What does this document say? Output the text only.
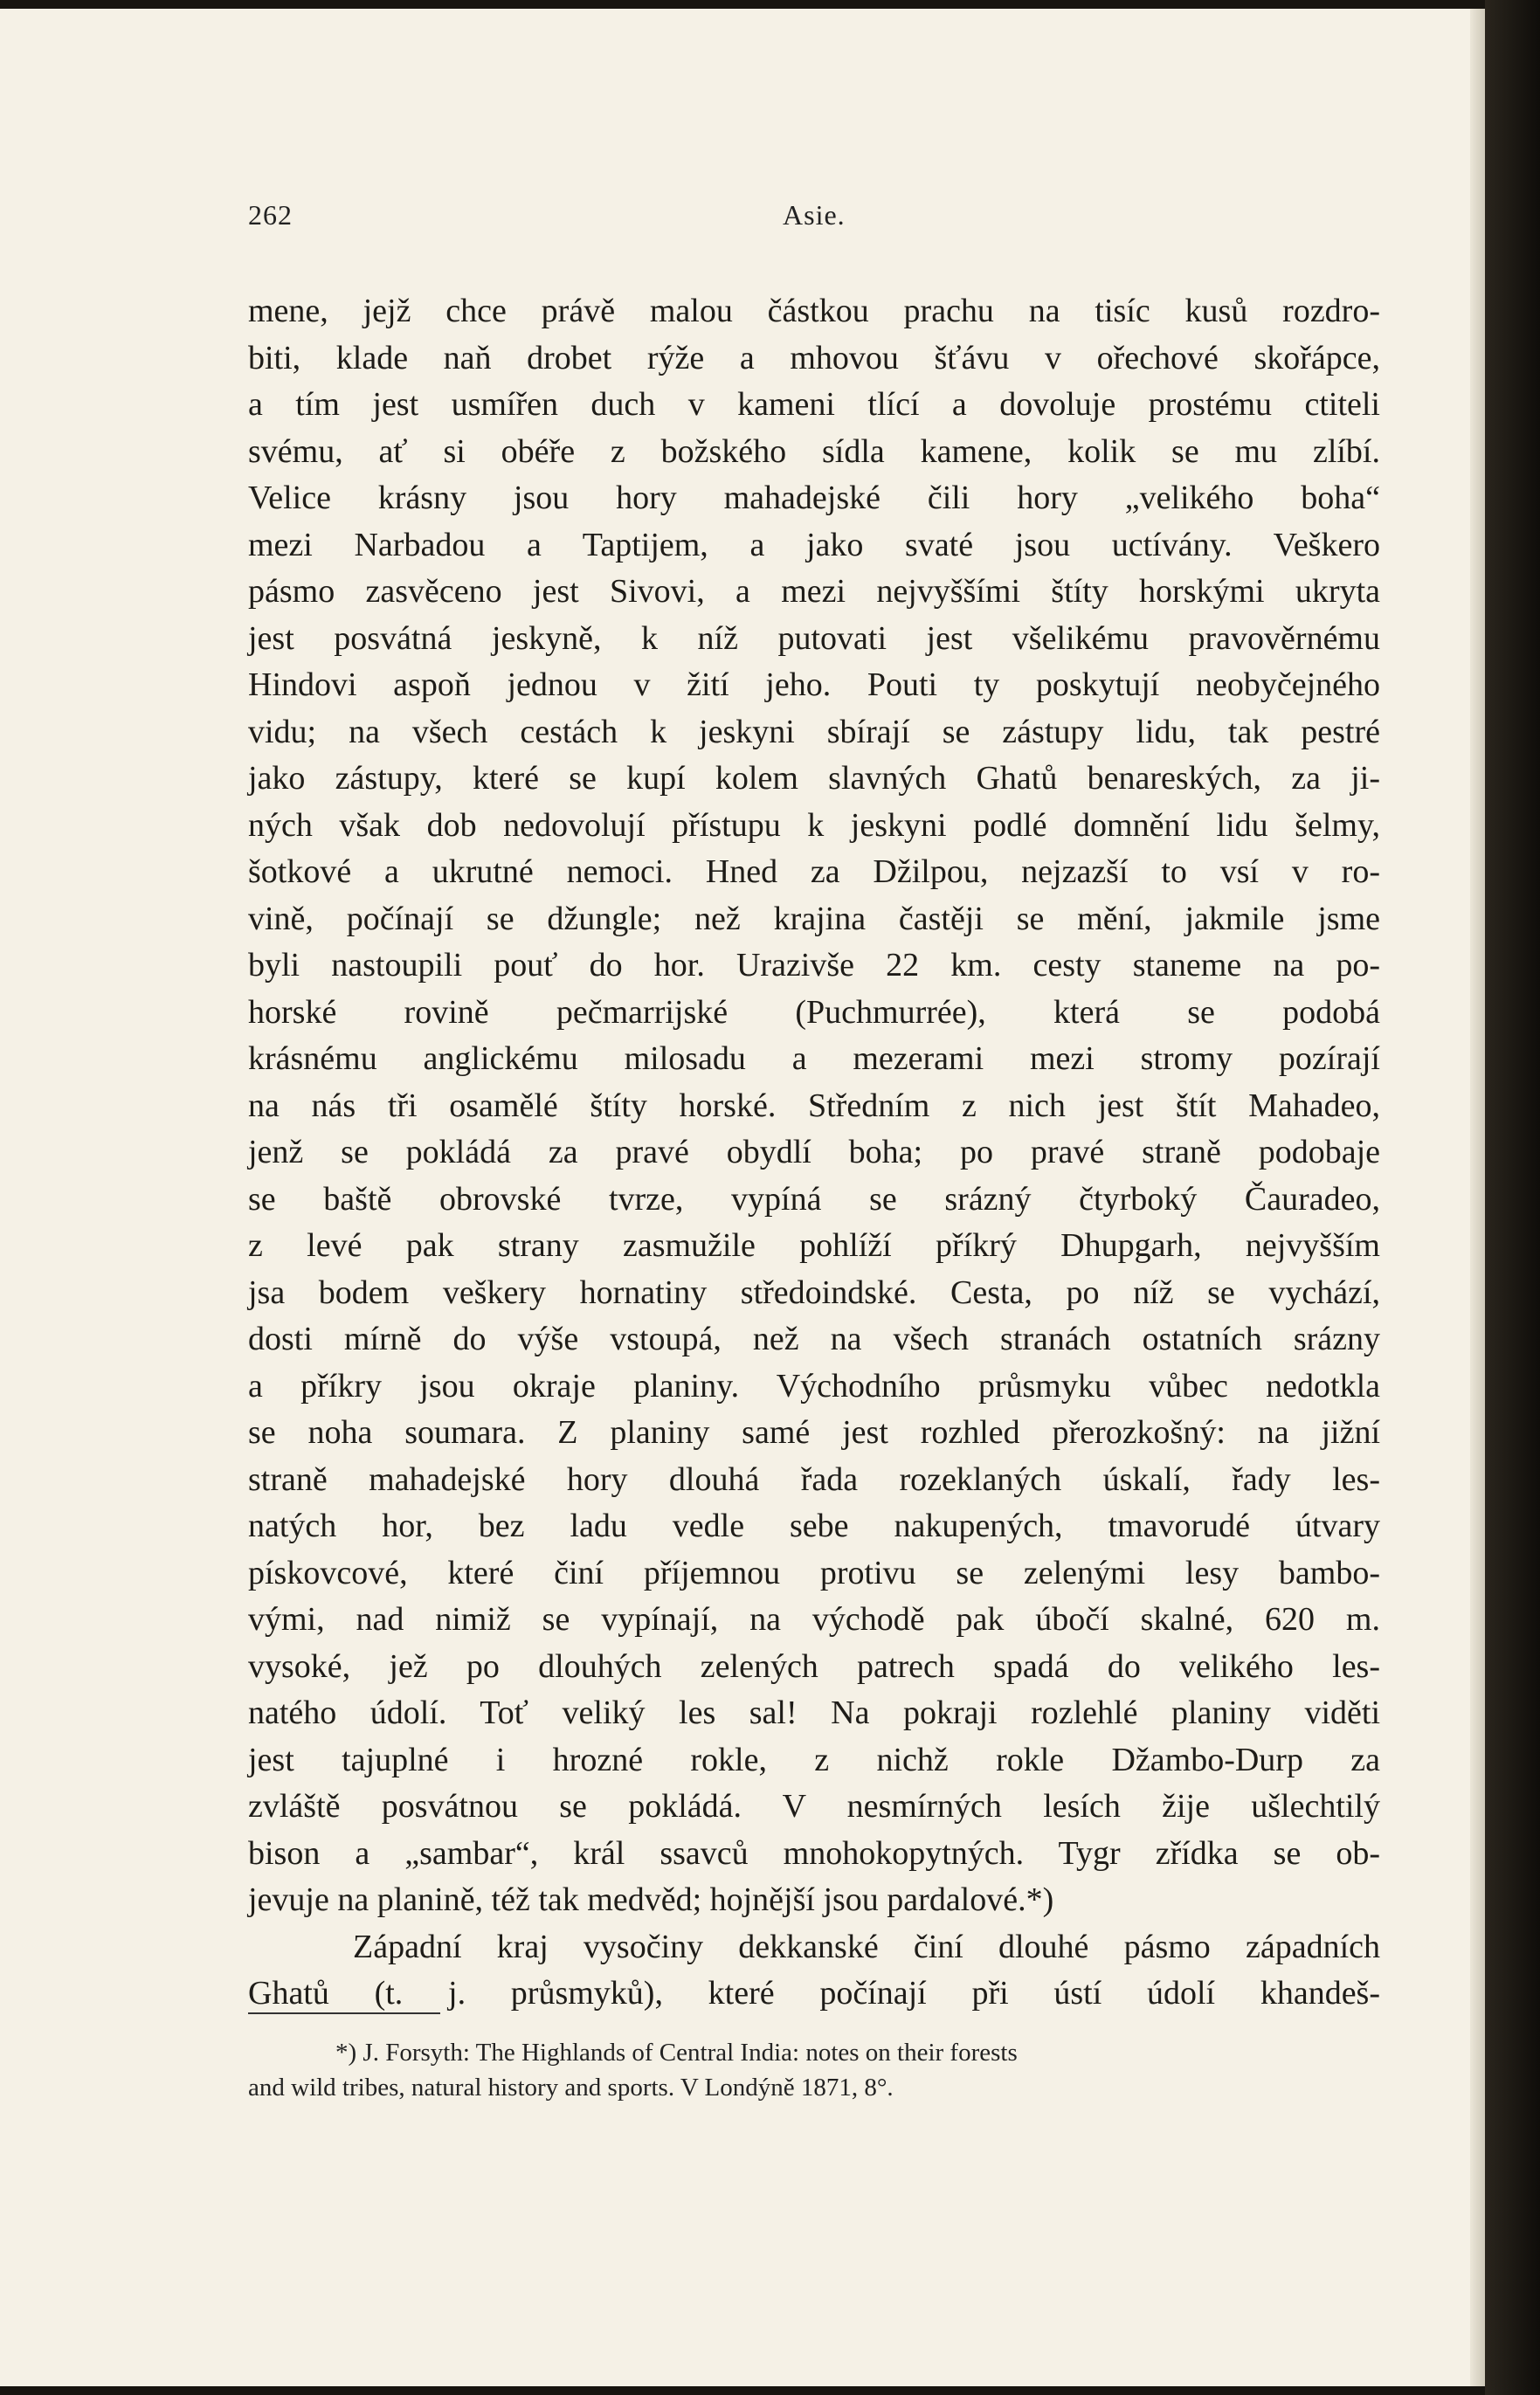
262	Asie.
mene, jejž chce právě malou částkou prachu na tisíc kusů rozdro-
biti, klade naň drobet rýže a mhovou šťávu v ořechové skořápce,
a tím jest usmířen duch v kameni tlící a dovoluje prostému ctiteli
svému, ať si obéře z božského sídla kamene, kolik se mu zlíbí.
Velice krásny jsou hory mahadejské čili hory „velikého boha“
mezi Narbadou a Taptijem, a jako svaté jsou uctívány. Veškero
pásmo zasvěceno jest Sivovi, a mezi nejvyššími štíty horskými ukryta
jest posvátná jeskyně, k níž putovati jest všelikému pravověrnému
Hindovi aspoň jednou v žití jeho. Pouti ty poskytují neobyčejného
vidu; na všech cestách k jeskyni sbírají se zástupy lidu, tak pestré
jako zástupy, které se kupí kolem slavných Ghatů benareských, za ji-
ných však dob nedovolují přístupu k jeskyni podlé domnění lidu šelmy,
šotkové a ukrutné nemoci. Hned za Džilpou, nejzazší to vsí v ro-
vině, počínají se džungle; než krajina častěji se mění, jakmile jsme
byli nastoupili pouť do hor. Urazivše 22 km. cesty staneme na po-
horské rovině pečmarrijské (Puchmurrée), která se podobá
krásnému anglickému milosadu a mezerami mezi stromy pozírají
na nás tři osamělé štíty horské. Středním z nich jest štít Mahadeo,
jenž se pokládá za pravé obydlí boha; po pravé straně podobaje
se baště obrovské tvrze, vypíná se srázný čtyrboký Čauradeo,
z levé pak strany zasmužile pohlíží příkrý Dhupgarh, nejvyšším
jsa bodem veškery hornatiny středoindské. Cesta, po níž se vychází,
dosti mírně do výše vstoupá, než na všech stranách ostatních srázny
a příkry jsou okraje planiny. Východního průsmyku vůbec nedotkla
se noha soumara. Z planiny samé jest rozhled přerozkošný: na jižní
straně mahadejské hory dlouhá řada rozeklaných úskalí, řady les-
natých hor, bez ladu vedle sebe nakupených, tmavorudé útvary
pískovcové, které činí příjemnou protivu se zelenými lesy bambo-
vými, nad nimiž se vypínají, na východě pak úbočí skalné, 620 m.
vysoké, jež po dlouhých zelených patrech spadá do velikého les-
natého údolí. Toť veliký les sal! Na pokraji rozlehlé planiny viděti
jest tajuplné i hrozné rokle, z nichž rokle Džambo-Durp za
zvláště posvátnou se pokládá. V nesmírných lesích žije ušlechtilý
bison a „sambar“, král ssavců mnohokopytných. Tygr zřídka se ob-
jevuje na planině, též tak medvěd; hojnější jsou pardalové.*)
Západní kraj vysočiny dekkanské činí dlouhé pásmo západních
Ghatů (t. j. průsmyků), které počínají při ústí údolí khandeš-
*) J. Forsyth: The Highlands of Central India: notes on their forests
and wild tribes, natural history and sports. V Londýně 1871, 8°.
